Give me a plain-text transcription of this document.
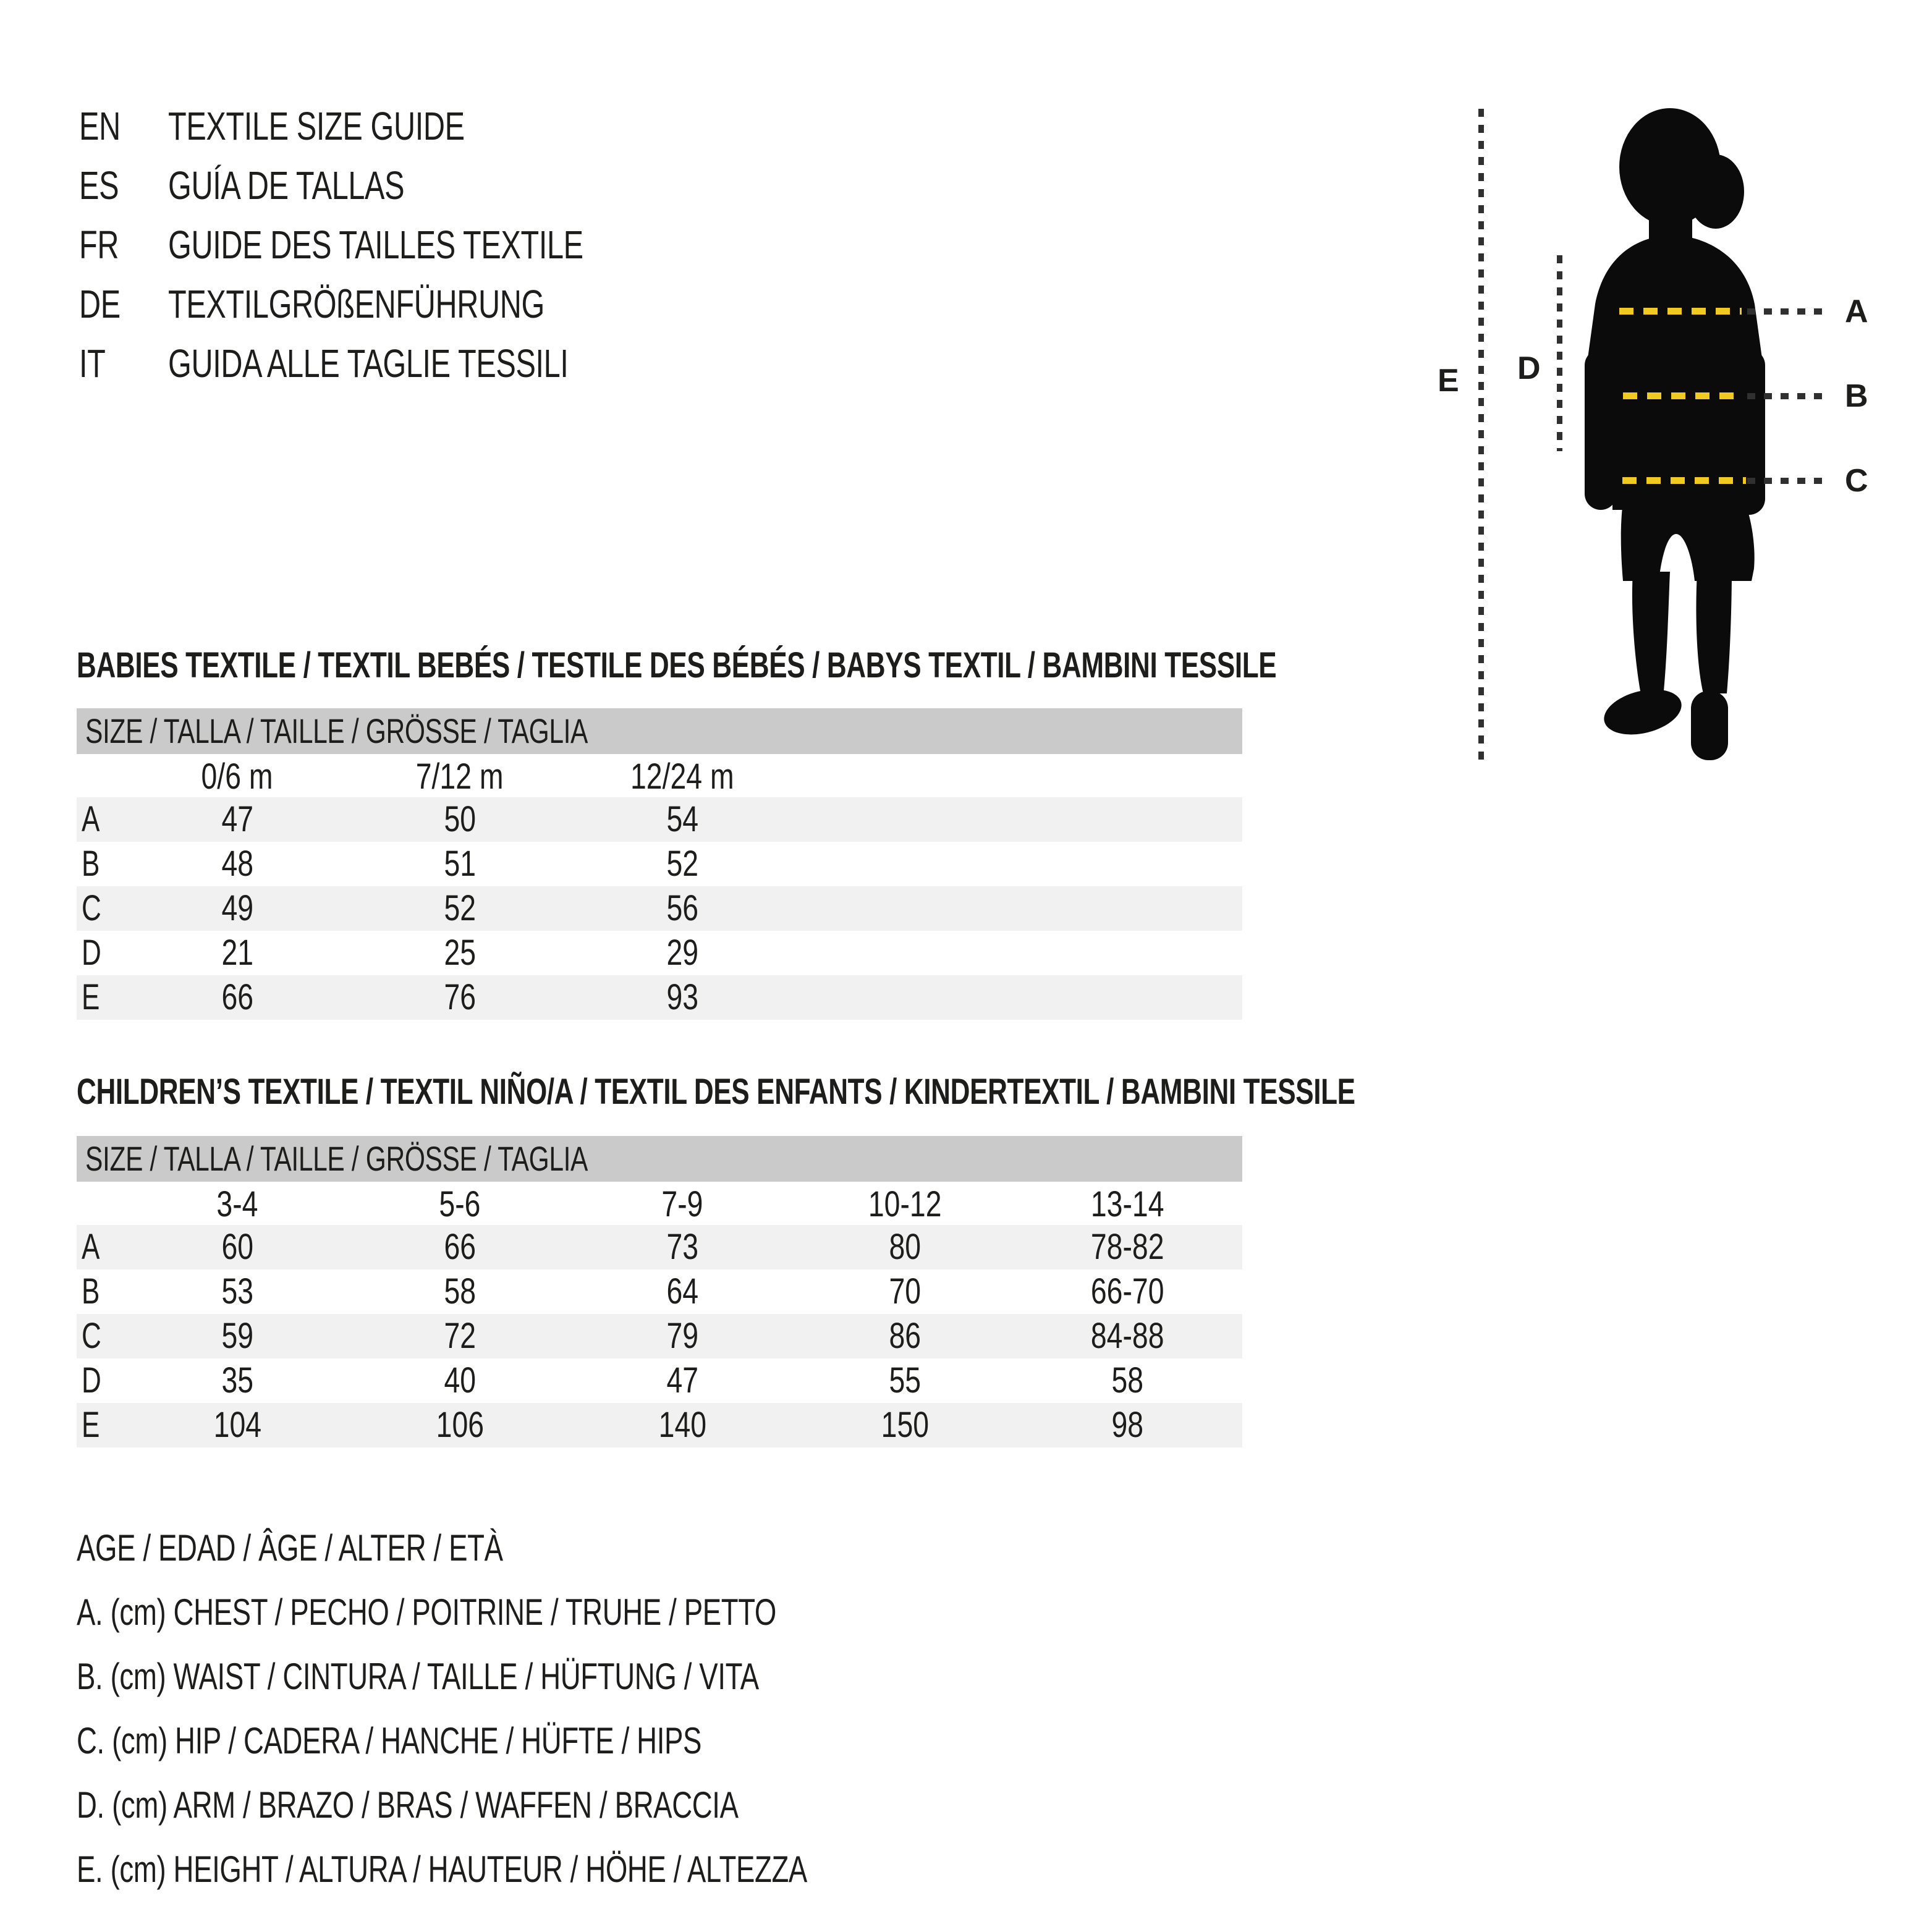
EN TEXTILE SIZE GUIDE
ES GUÍA DE TALLAS
FR GUIDE DES TAILLES TEXTILE
DE TEXTILGRÖßENFÜHRUNG
IT GUIDA ALLE TAGLIE TESSILI	E D
A
B
C
BABIES TEXTILE / TEXTIL BEBÉS / TESTILE DES BÉBÉS / BABYS TEXTIL / BAMBINI TESSILE
SIZE / TALLA / TAILLE / GRÖSSE / TAGLIA
0/6 m	7/12 m	12/24 m
A	47	50	54
B	48	51	52
C	49	52	56
D	21	25	29
E	66	76	93
CHILDREN’S TEXTILE / TEXTIL NIÑO/A / TEXTIL DES ENFANTS / KINDERTEXTIL / BAMBINI TESSILE
SIZE / TALLA / TAILLE / GRÖSSE / TAGLIA
3-4	5-6	7-9	10-12	13-14
A	60	66	73	80	78-82
B	53	58	64	70	66-70
C	59	72	79	86	84-88
D	35	40	47	55	58
E	104	106	140	150	98
AGE / EDAD / ÂGE / ALTER / ETÀ
A. (cm) CHEST / PECHO / POITRINE / TRUHE / PETTO
B. (cm) WAIST / CINTURA / TAILLE / HÜFTUNG / VITA
C. (cm) HIP / CADERA / HANCHE / HÜFTE / HIPS
D. (cm) ARM / BRAZO / BRAS / WAFFEN / BRACCIA
E. (cm) HEIGHT / ALTURA / HAUTEUR / HÖHE / ALTEZZA
